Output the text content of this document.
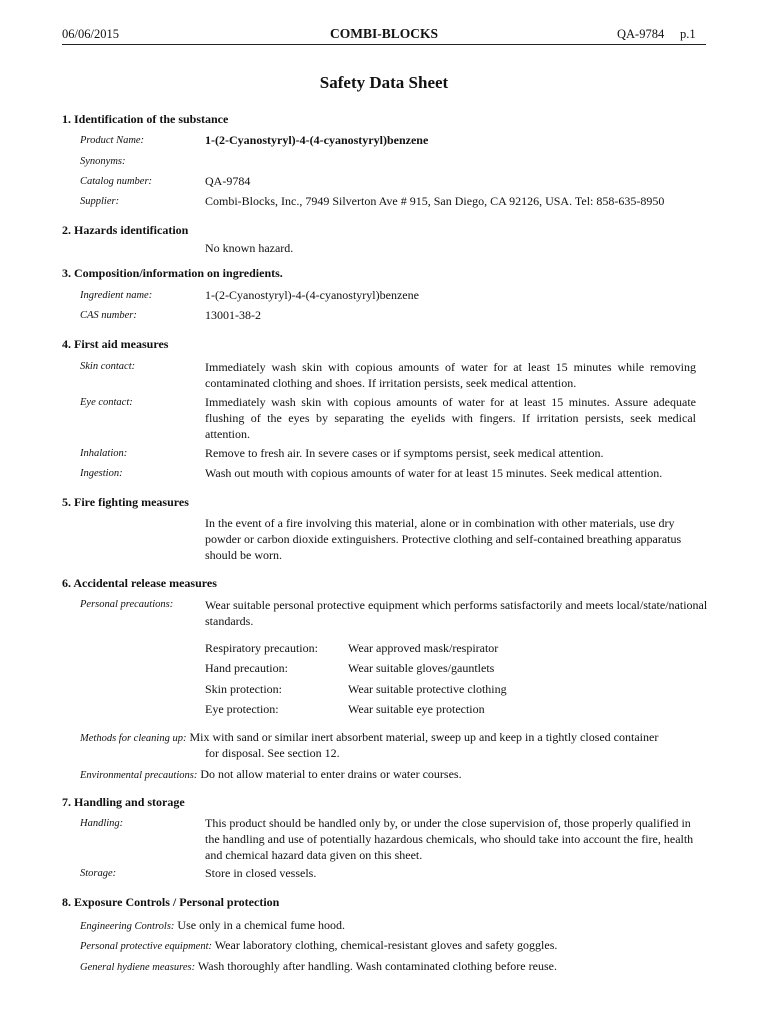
06/06/2015	COMBI-BLOCKS	QA-9784 p.1
Safety Data Sheet
1. Identification of the substance
Product Name:	1-(2-Cyanostyryl)-4-(4-cyanostyryl)benzene
Synonyms:
Catalog number:	QA-9784
Supplier:	Combi-Blocks, Inc., 7949 Silverton Ave # 915, San Diego, CA 92126, USA. Tel: 858-635-8950
2. Hazards identification
No known hazard.
3. Composition/information on ingredients.
Ingredient name:	1-(2-Cyanostyryl)-4-(4-cyanostyryl)benzene
CAS number:	13001-38-2
4. First aid measures
Skin contact:	Immediately wash skin with copious amounts of water for at least 15 minutes while removing contaminated clothing and shoes. If irritation persists, seek medical attention.
Eye contact:	Immediately wash skin with copious amounts of water for at least 15 minutes. Assure adequate flushing of the eyes by separating the eyelids with fingers. If irritation persists, seek medical attention.
Inhalation:	Remove to fresh air. In severe cases or if symptoms persist, seek medical attention.
Ingestion:	Wash out mouth with copious amounts of water for at least 15 minutes. Seek medical attention.
5. Fire fighting measures
In the event of a fire involving this material, alone or in combination with other materials, use dry powder or carbon dioxide extinguishers. Protective clothing and self-contained breathing apparatus should be worn.
6. Accidental release measures
Personal precautions:	Wear suitable personal protective equipment which performs satisfactorily and meets local/state/national standards.
Respiratory precaution:	Wear approved mask/respirator
Hand precaution:	Wear suitable gloves/gauntlets
Skin protection:	Wear suitable protective clothing
Eye protection:	Wear suitable eye protection
Methods for cleaning up: Mix with sand or similar inert absorbent material, sweep up and keep in a tightly closed container
for disposal. See section 12.
Environmental precautions: Do not allow material to enter drains or water courses.
7. Handling and storage
Handling:	This product should be handled only by, or under the close supervision of, those properly qualified in the handling and use of potentially hazardous chemicals, who should take into account the fire, health and chemical hazard data given on this sheet.
Storage:	Store in closed vessels.
8. Exposure Controls / Personal protection
Engineering Controls: Use only in a chemical fume hood.
Personal protective equipment: Wear laboratory clothing, chemical-resistant gloves and safety goggles.
General hydiene measures: Wash thoroughly after handling. Wash contaminated clothing before reuse.
